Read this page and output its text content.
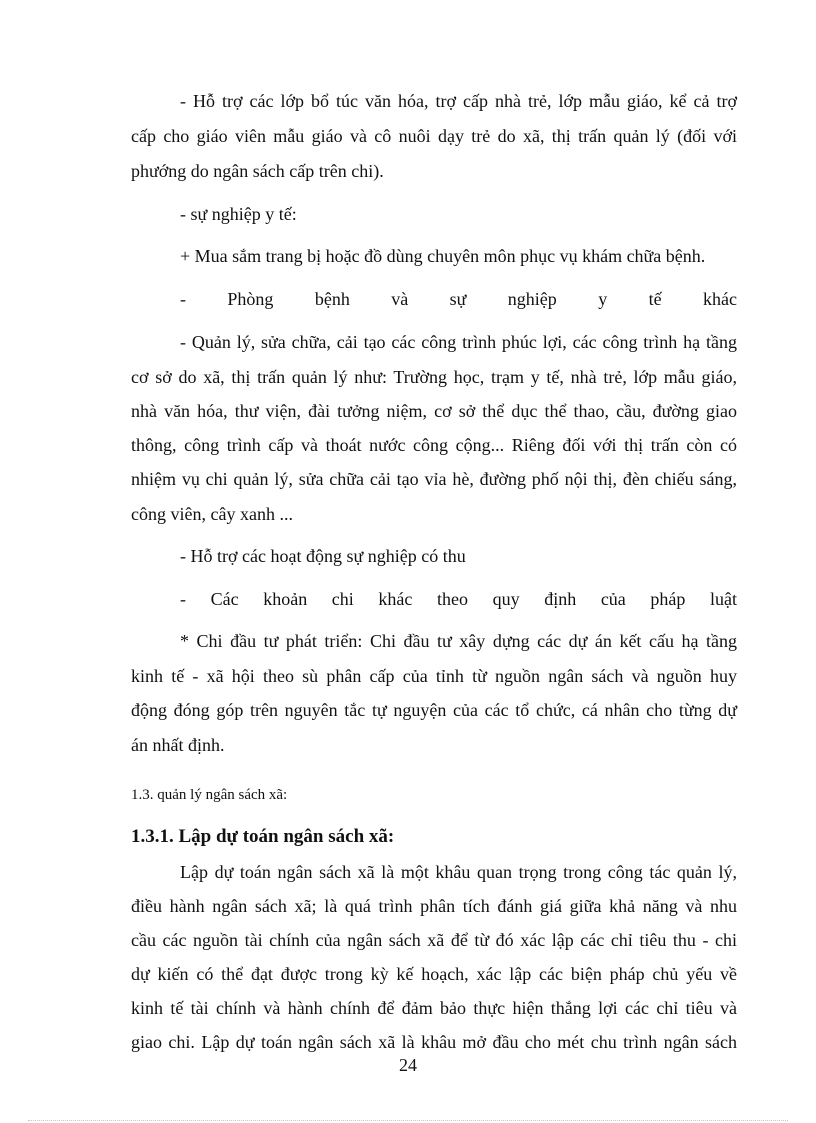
- Hỗ trợ các lớp bổ túc văn hóa, trợ cấp nhà trẻ, lớp mẫu giáo, kể cả trợ
cấp cho giáo viên mẫu giáo và cô nuôi dạy trẻ do xã, thị trấn quản lý (đối với
phướng do ngân sách cấp trên chi).
- sự nghiệp y tế:
+ Mua sắm trang bị hoặc đồ dùng chuyên môn phục vụ khám chữa bệnh.
- Phòng bệnh và sự nghiệp y tế khác
- Quản lý, sửa chữa, cải tạo các công trình phúc lợi, các công trình hạ tầng
cơ sở do xã, thị trấn quản lý như: Trường học, trạm y tế, nhà trẻ, lớp mẫu giáo,
nhà văn hóa, thư viện, đài tưởng niệm, cơ sở thể dục thể thao, cầu, đường giao
thông, công trình cấp và thoát nước công cộng... Riêng đối với thị trấn còn có
nhiệm vụ chi quản lý, sửa chữa cải tạo vỉa hè, đường phố nội thị, đèn chiếu sáng,
công viên, cây xanh ...
- Hỗ trợ các hoạt động sự nghiệp có thu
- Các khoản chi khác theo quy định của pháp luật
* Chi đầu tư phát triển: Chi đầu tư xây dựng các dự án kết cấu hạ tầng
kinh tế - xã hội theo sù phân cấp của tỉnh từ nguồn ngân sách và nguồn huy
động đóng góp trên nguyên tắc tự nguyện của các tổ chức, cá nhân cho từng dự
án nhất định.
1.3. quản lý ngân sách xã:
1.3.1. Lập dự toán ngân sách xã:
Lập dự toán ngân sách xã là một khâu quan trọng trong công tác quản lý,
điều hành ngân sách xã; là quá trình phân tích đánh giá giữa khả năng và nhu
cầu các nguồn tài chính của ngân sách xã để từ đó xác lập các chỉ tiêu thu - chi
dự kiến có thể đạt được trong kỳ kế hoạch, xác lập các biện pháp chủ yếu về
kinh tế tài chính và hành chính để đảm bảo thực hiện thắng lợi các chỉ tiêu và
giao chi. Lập dự toán ngân sách xã là khâu mở đầu cho mét chu trình ngân sách
24
